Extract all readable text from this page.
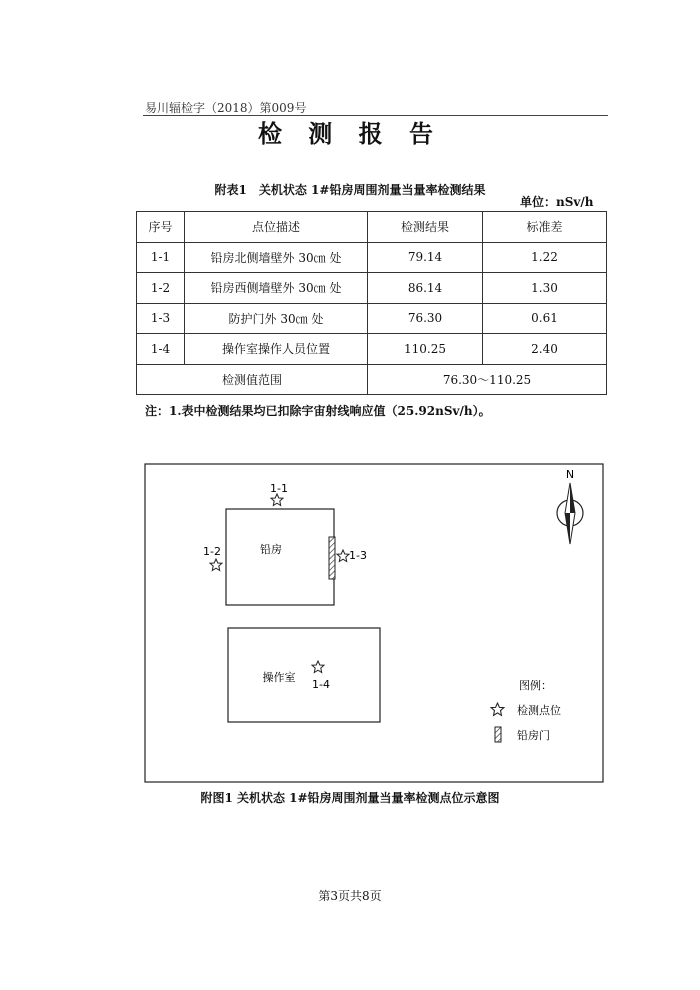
易川辐检字（2018）第009号
检 测 报 告
附表1　关机状态 1#铅房周围剂量当量率检测结果
单位：nSv/h
序号	点位描述	检测结果	标准差
1-1	铅房北侧墙壁外 30㎝ 处	79.14	1.22
1-2	铅房西侧墙壁外 30㎝ 处	86.14	1.30
1-3	防护门外 30㎝ 处	76.30	0.61
1-4	操作室操作人员位置	110.25	2.40
检测值范围		76.30～110.25	
注：1.表中检测结果均已扣除宇宙射线响应值（25.92nSv/h）。
N
铅房
操作室
1-1
1-2	1-3
1-4	图例：
检测点位
铅房门
附图1 关机状态 1#铅房周围剂量当量率检测点位示意图
第3页共8页
